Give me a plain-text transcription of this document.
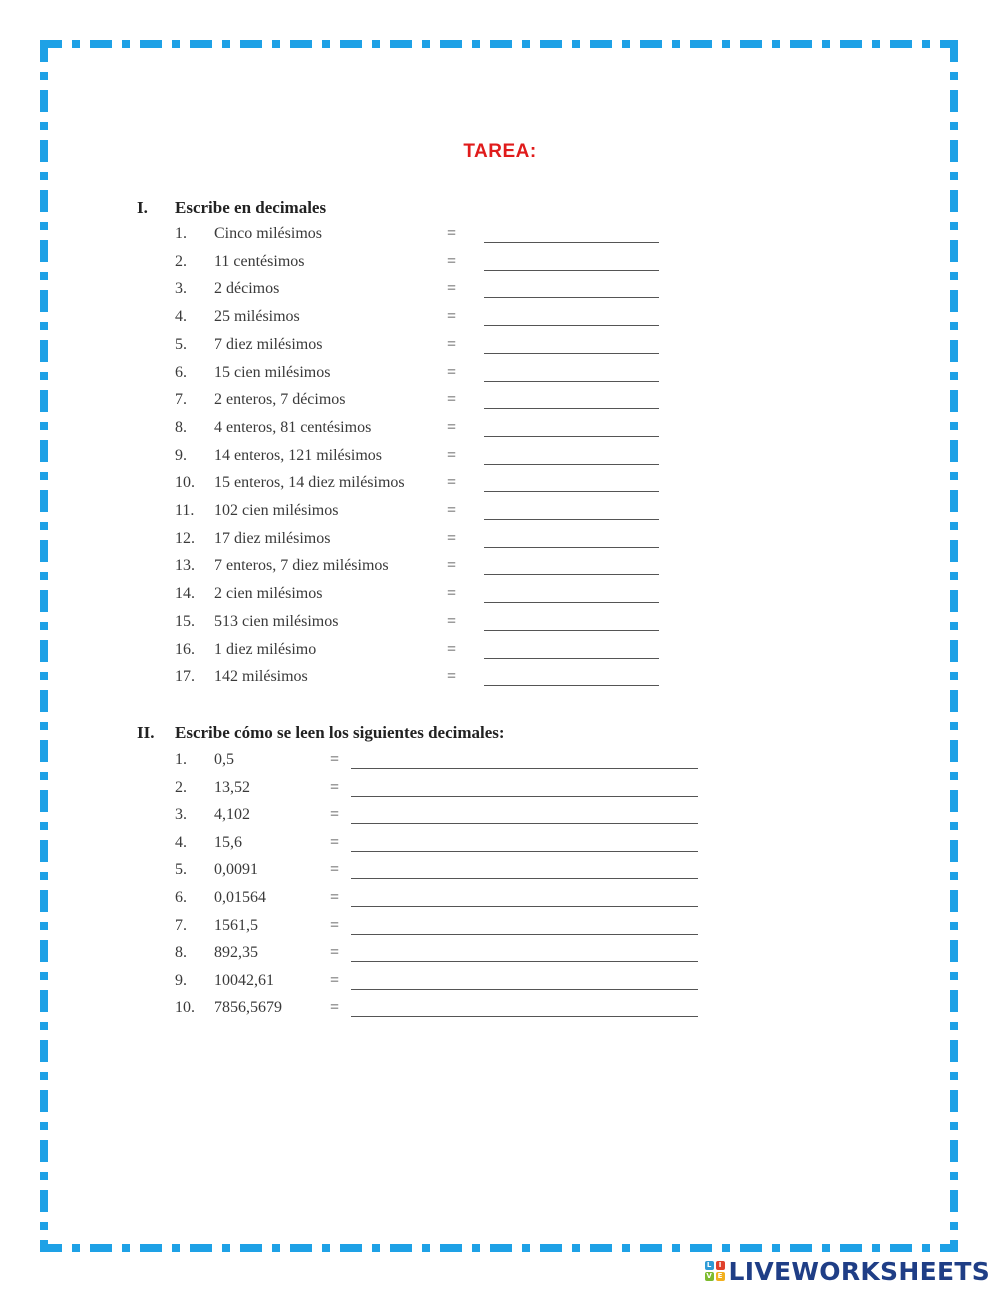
TAREA:
I. Escribe en decimales
1.	Cinco milésimos	=
2.	11 centésimos	=
3.	2 décimos	=
4.	25 milésimos	=
5.	7 diez milésimos	=
6.	15 cien milésimos	=
7.	2 enteros, 7 décimos	=
8.	4 enteros, 81 centésimos	=
9.	14 enteros, 121 milésimos	=
10.	15 enteros, 14 diez milésimos	=
11.	102 cien milésimos	=
12.	17 diez milésimos	=
13.	7 enteros, 7 diez milésimos	=
14.	2 cien milésimos	=
15.	513 cien milésimos	=
16.	1 diez milésimo	=
17.	142 milésimos	=
II. Escribe cómo se leen los siguientes decimales:
1.	0,5	=
2.	13,52	=
3.	4,102	=
4.	15,6	=
5.	0,0091	=
6.	0,01564	=
7.	1561,5	=
8.	892,35	=
9.	10042,61	=
10.	7856,5679	=
L	I
V E LIVEWORKSHEETS
